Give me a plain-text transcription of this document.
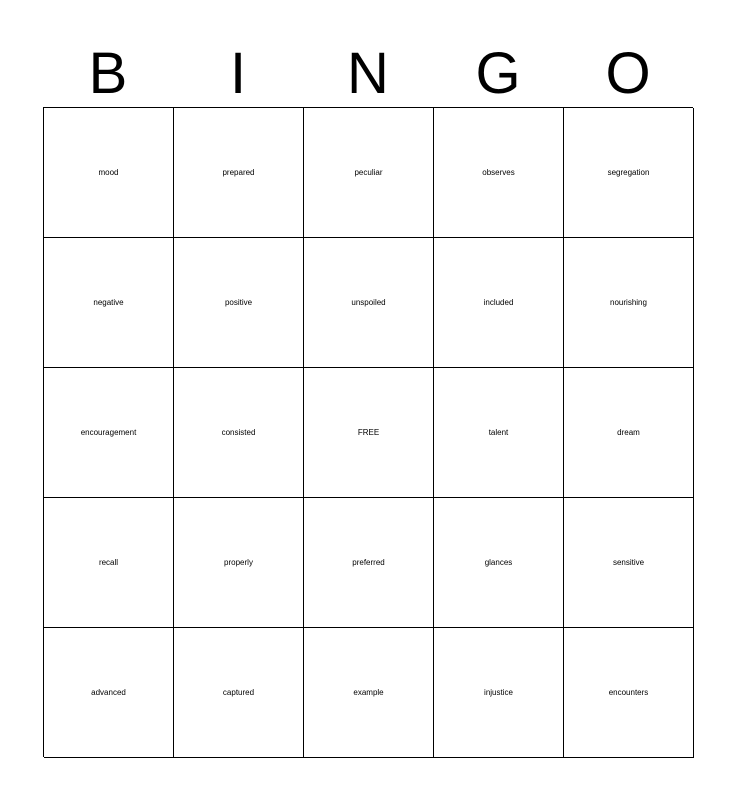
B	I	N	G	O
mood	prepared	peculiar	observes	segregation
negative	positive	unspoiled	included	nourishing
encouragement	consisted	FREE	talent	dream
recall	properly	preferred	glances	sensitive
advanced	captured	example	injustice	encounters
